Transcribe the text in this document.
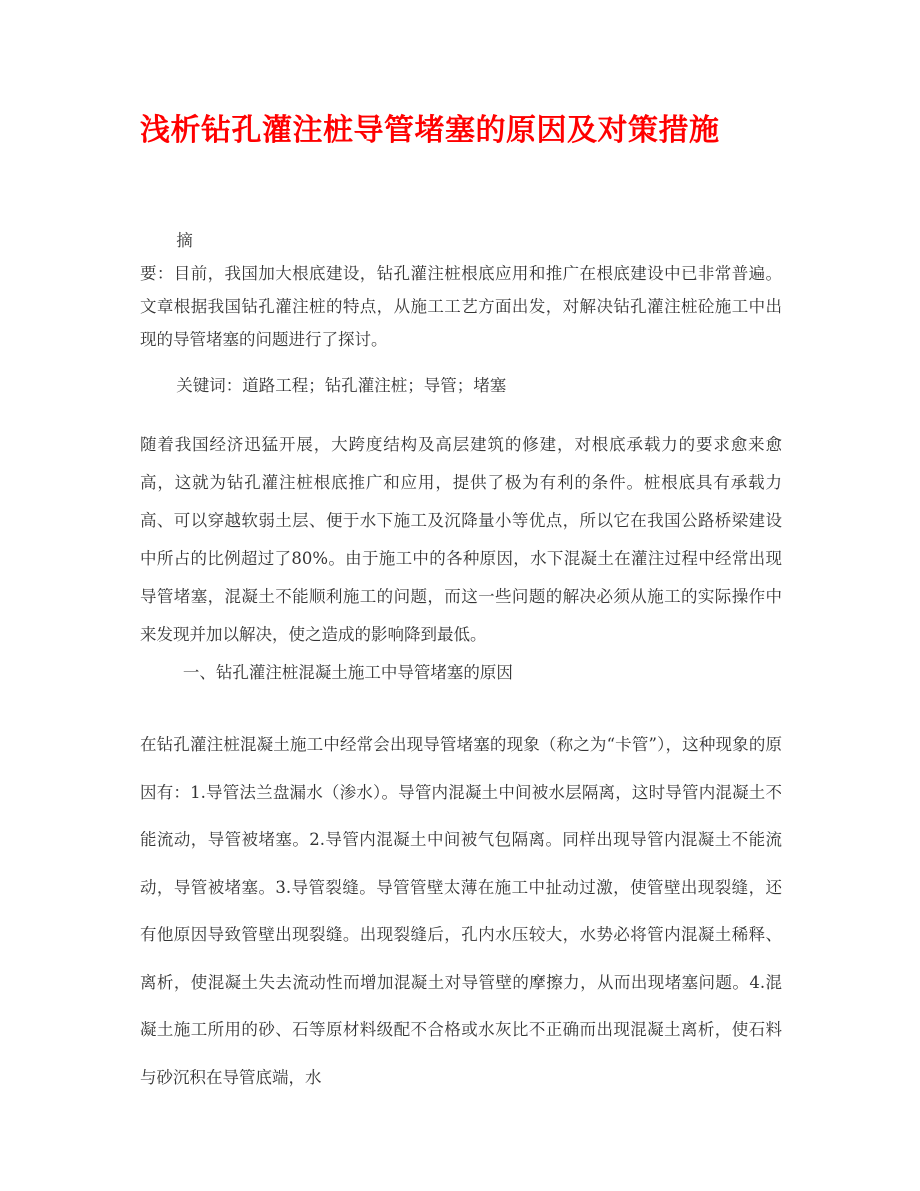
浅析钻孔灌注桩导管堵塞的原因及对策措施

摘

要：目前，我国加大根底建设，钻孔灌注桩根底应用和推广在根底建设中已非常普遍。文章根据我国钻孔灌注桩的特点，从施工工艺方面出发，对解决钻孔灌注桩砼施工中出现的导管堵塞的问题进行了探讨。

关键词：道路工程；钻孔灌注桩；导管；堵塞

随着我国经济迅猛开展，大跨度结构及高层建筑的修建，对根底承载力的要求愈来愈高，这就为钻孔灌注桩根底推广和应用，提供了极为有利的条件。桩根底具有承载力高、可以穿越软弱土层、便于水下施工及沉降量小等优点，所以它在我国公路桥梁建设中所占的比例超过了80%。由于施工中的各种原因，水下混凝土在灌注过程中经常出现导管堵塞，混凝土不能顺利施工的问题，而这一些问题的解决必须从施工的实际操作中来发现并加以解决，使之造成的影响降到最低。

一、钻孔灌注桩混凝土施工中导管堵塞的原因

在钻孔灌注桩混凝土施工中经常会出现导管堵塞的现象（称之为“卡管”），这种现象的原因有：1.导管法兰盘漏水（渗水）。导管内混凝土中间被水层隔离，这时导管内混凝土不能流动，导管被堵塞。2.导管内混凝土中间被气包隔离。同样出现导管内混凝土不能流动，导管被堵塞。3.导管裂缝。导管管壁太薄在施工中扯动过激，使管壁出现裂缝，还有他原因导致管壁出现裂缝。出现裂缝后，孔内水压较大，水势必将管内混凝土稀释、离析，使混凝土失去流动性而增加混凝土对导管壁的摩擦力，从而出现堵塞问题。4.混凝土施工所用的砂、石等原材料级配不合格或水灰比不正确而出现混凝土离析，使石料与砂沉积在导管底端，水
